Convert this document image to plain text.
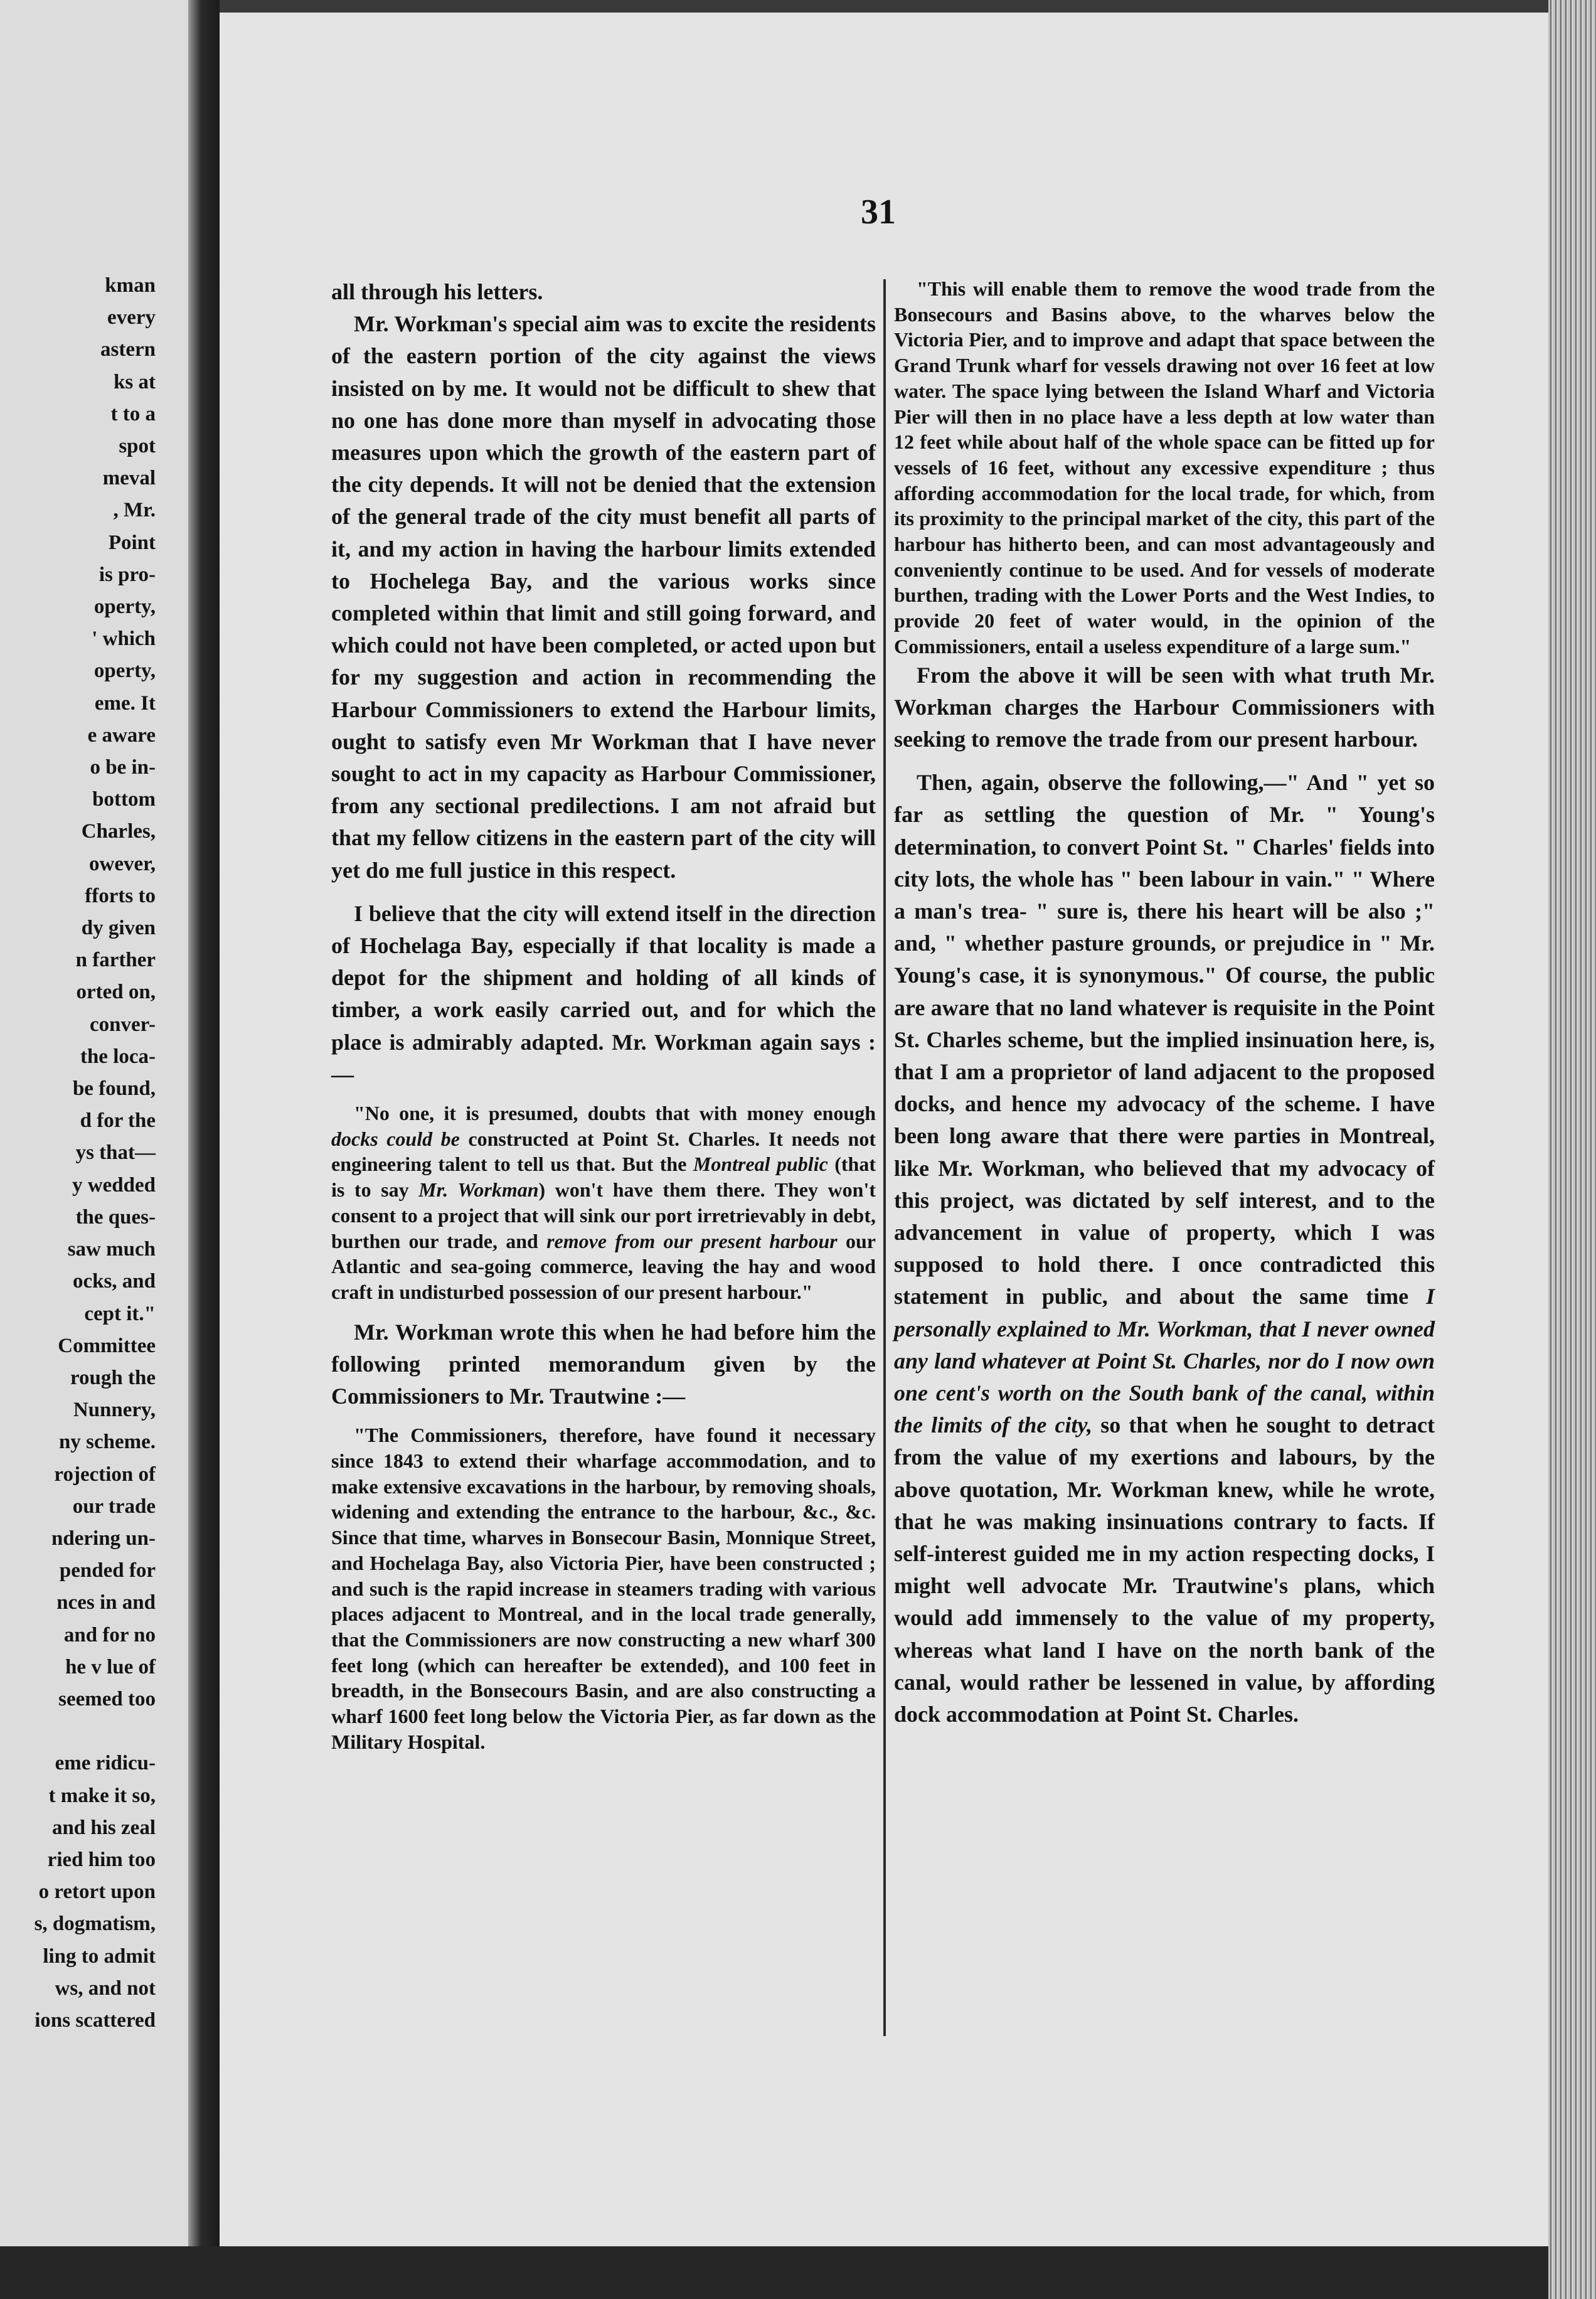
kman
every
astern
ks at
t to a
spot
meval
, Mr.
Point
is pro-
operty,
' which
operty,
eme. It
e aware
o be in-
bottom
Charles,
owever,
fforts to
dy given
n farther
orted on,
conver-
the loca-
be found,
d for the
ys that—
y wedded
the ques-
saw much
ocks, and
cept it."
Committee
rough the
Nunnery,
ny scheme.
rojection of
our trade
ndering un-
pended for
nces in and
and for no
he v lue of
seemed too

eme ridicu-
t make it so,
and his zeal
ried him too
o retort upon
s, dogmatism,
ling to admit
ws, and not
ions scattered
31

all through his letters.

Mr. Workman's special aim was to excite the residents of the eastern portion of the city against the views insisted on by me. It would not be difficult to shew that no one has done more than myself in advocating those measures upon which the growth of the eastern part of the city depends. It will not be denied that the extension of the general trade of the city must benefit all parts of it, and my action in having the harbour limits extended to Hochelega Bay, and the various works since completed within that limit and still going forward, and which could not have been completed, or acted upon but for my suggestion and action in recommending the Harbour Commissioners to extend the Harbour limits, ought to satisfy even Mr Workman that I have never sought to act in my capacity as Harbour Commissioner, from any sectional predilections. I am not afraid but that my fellow citizens in the eastern part of the city will yet do me full justice in this respect.

I believe that the city will extend itself in the direction of Hochelaga Bay, especially if that locality is made a depot for the shipment and holding of all kinds of timber, a work easily carried out, and for which the place is admirably adapted. Mr. Workman again says :—

"No one, it is presumed, doubts that with money enough docks could be constructed at Point St. Charles. It needs not engineering talent to tell us that. But the Montreal public (that is to say Mr. Workman) won't have them there. They won't consent to a project that will sink our port irretrievably in debt, burthen our trade, and remove from our present harbour our Atlantic and sea-going commerce, leaving the hay and wood craft in undisturbed possession of our present harbour."

Mr. Workman wrote this when he had before him the following printed memorandum given by the Commissioners to Mr. Trautwine :—

"The Commissioners, therefore, have found it necessary since 1843 to extend their wharfage accommodation, and to make extensive excavations in the harbour, by removing shoals, widening and extending the entrance to the harbour, &c., &c. Since that time, wharves in Bonsecour Basin, Monnique Street, and Hochelaga Bay, also Victoria Pier, have been constructed ; and such is the rapid increase in steamers trading with various places adjacent to Montreal, and in the local trade generally, that the Commissioners are now constructing a new wharf 300 feet long (which can hereafter be extended), and 100 feet in breadth, in the Bonsecours Basin, and are also constructing a wharf 1600 feet long below the Victoria Pier, as far down as the Military Hospital.

"This will enable them to remove the wood trade from the Bonsecours and Basins above, to the wharves below the Victoria Pier, and to improve and adapt that space between the Grand Trunk wharf for vessels drawing not over 16 feet at low water. The space lying between the Island Wharf and Victoria Pier will then in no place have a less depth at low water than 12 feet while about half of the whole space can be fitted up for vessels of 16 feet, without any excessive expenditure ; thus affording accommodation for the local trade, for which, from its proximity to the principal market of the city, this part of the harbour has hitherto been, and can most advantageously and conveniently continue to be used. And for vessels of moderate burthen, trading with the Lower Ports and the West Indies, to provide 20 feet of water would, in the opinion of the Commissioners, entail a useless expenditure of a large sum."

From the above it will be seen with what truth Mr. Workman charges the Harbour Commissioners with seeking to remove the trade from our present harbour.

Then, again, observe the following,—" And " yet so far as settling the question of Mr. " Young's determination, to convert Point St. " Charles' fields into city lots, the whole has " been labour in vain." " Where a man's trea- " sure is, there his heart will be also ;" and, " whether pasture grounds, or prejudice in " Mr. Young's case, it is synonymous." Of course, the public are aware that no land whatever is requisite in the Point St. Charles scheme, but the implied insinuation here, is, that I am a proprietor of land adjacent to the proposed docks, and hence my advocacy of the scheme. I have been long aware that there were parties in Montreal, like Mr. Workman, who believed that my advocacy of this project, was dictated by self interest, and to the advancement in value of property, which I was supposed to hold there. I once contradicted this statement in public, and about the same time I personally explained to Mr. Workman, that I never owned any land whatever at Point St. Charles, nor do I now own one cent's worth on the South bank of the canal, within the limits of the city, so that when he sought to detract from the value of my exertions and labours, by the above quotation, Mr. Workman knew, while he wrote, that he was making insinuations contrary to facts. If self-interest guided me in my action respecting docks, I might well advocate Mr. Trautwine's plans, which would add immensely to the value of my property, whereas what land I have on the north bank of the canal, would rather be lessened in value, by affording dock accommodation at Point St. Charles.
